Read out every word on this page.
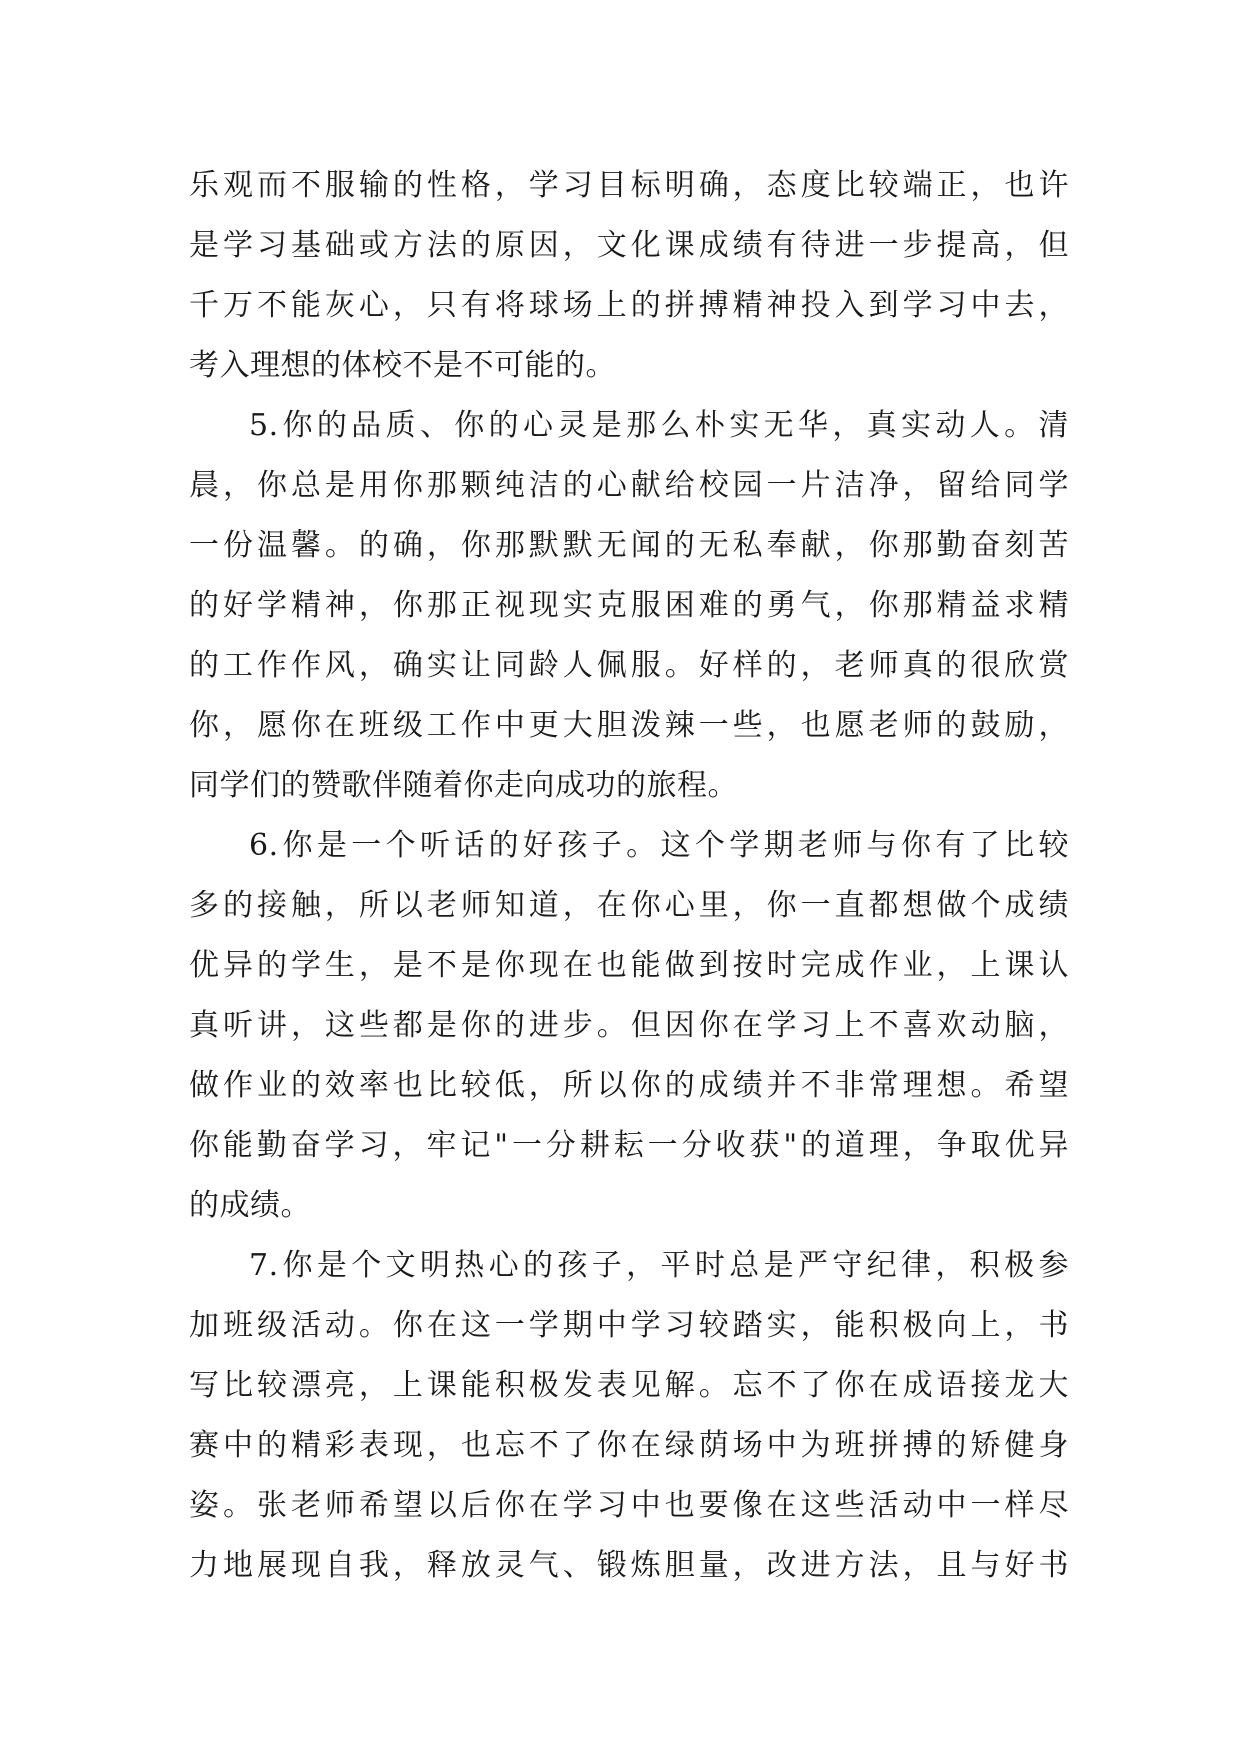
乐观而不服输的性格，学习目标明确，态度比较端正，也许
是学习基础或方法的原因，文化课成绩有待进一步提高，但
千万不能灰心，只有将球场上的拼搏精神投入到学习中去，
考入理想的体校不是不可能的。
5.你的品质、你的心灵是那么朴实无华，真实动人。清
晨，你总是用你那颗纯洁的心献给校园一片洁净，留给同学
一份温馨。的确，你那默默无闻的无私奉献，你那勤奋刻苦
的好学精神，你那正视现实克服困难的勇气，你那精益求精
的工作作风，确实让同龄人佩服。好样的，老师真的很欣赏
你，愿你在班级工作中更大胆泼辣一些，也愿老师的鼓励，
同学们的赞歌伴随着你走向成功的旅程。
6.你是一个听话的好孩子。这个学期老师与你有了比较
多的接触，所以老师知道，在你心里，你一直都想做个成绩
优异的学生，是不是你现在也能做到按时完成作业，上课认
真听讲，这些都是你的进步。但因你在学习上不喜欢动脑，
做作业的效率也比较低，所以你的成绩并不非常理想。希望
你能勤奋学习，牢记"一分耕耘一分收获"的道理，争取优异
的成绩。
7.你是个文明热心的孩子，平时总是严守纪律，积极参
加班级活动。你在这一学期中学习较踏实，能积极向上，书
写比较漂亮，上课能积极发表见解。忘不了你在成语接龙大
赛中的精彩表现，也忘不了你在绿荫场中为班拼搏的矫健身
姿。张老师希望以后你在学习中也要像在这些活动中一样尽
力地展现自我，释放灵气、锻炼胆量，改进方法，且与好书
